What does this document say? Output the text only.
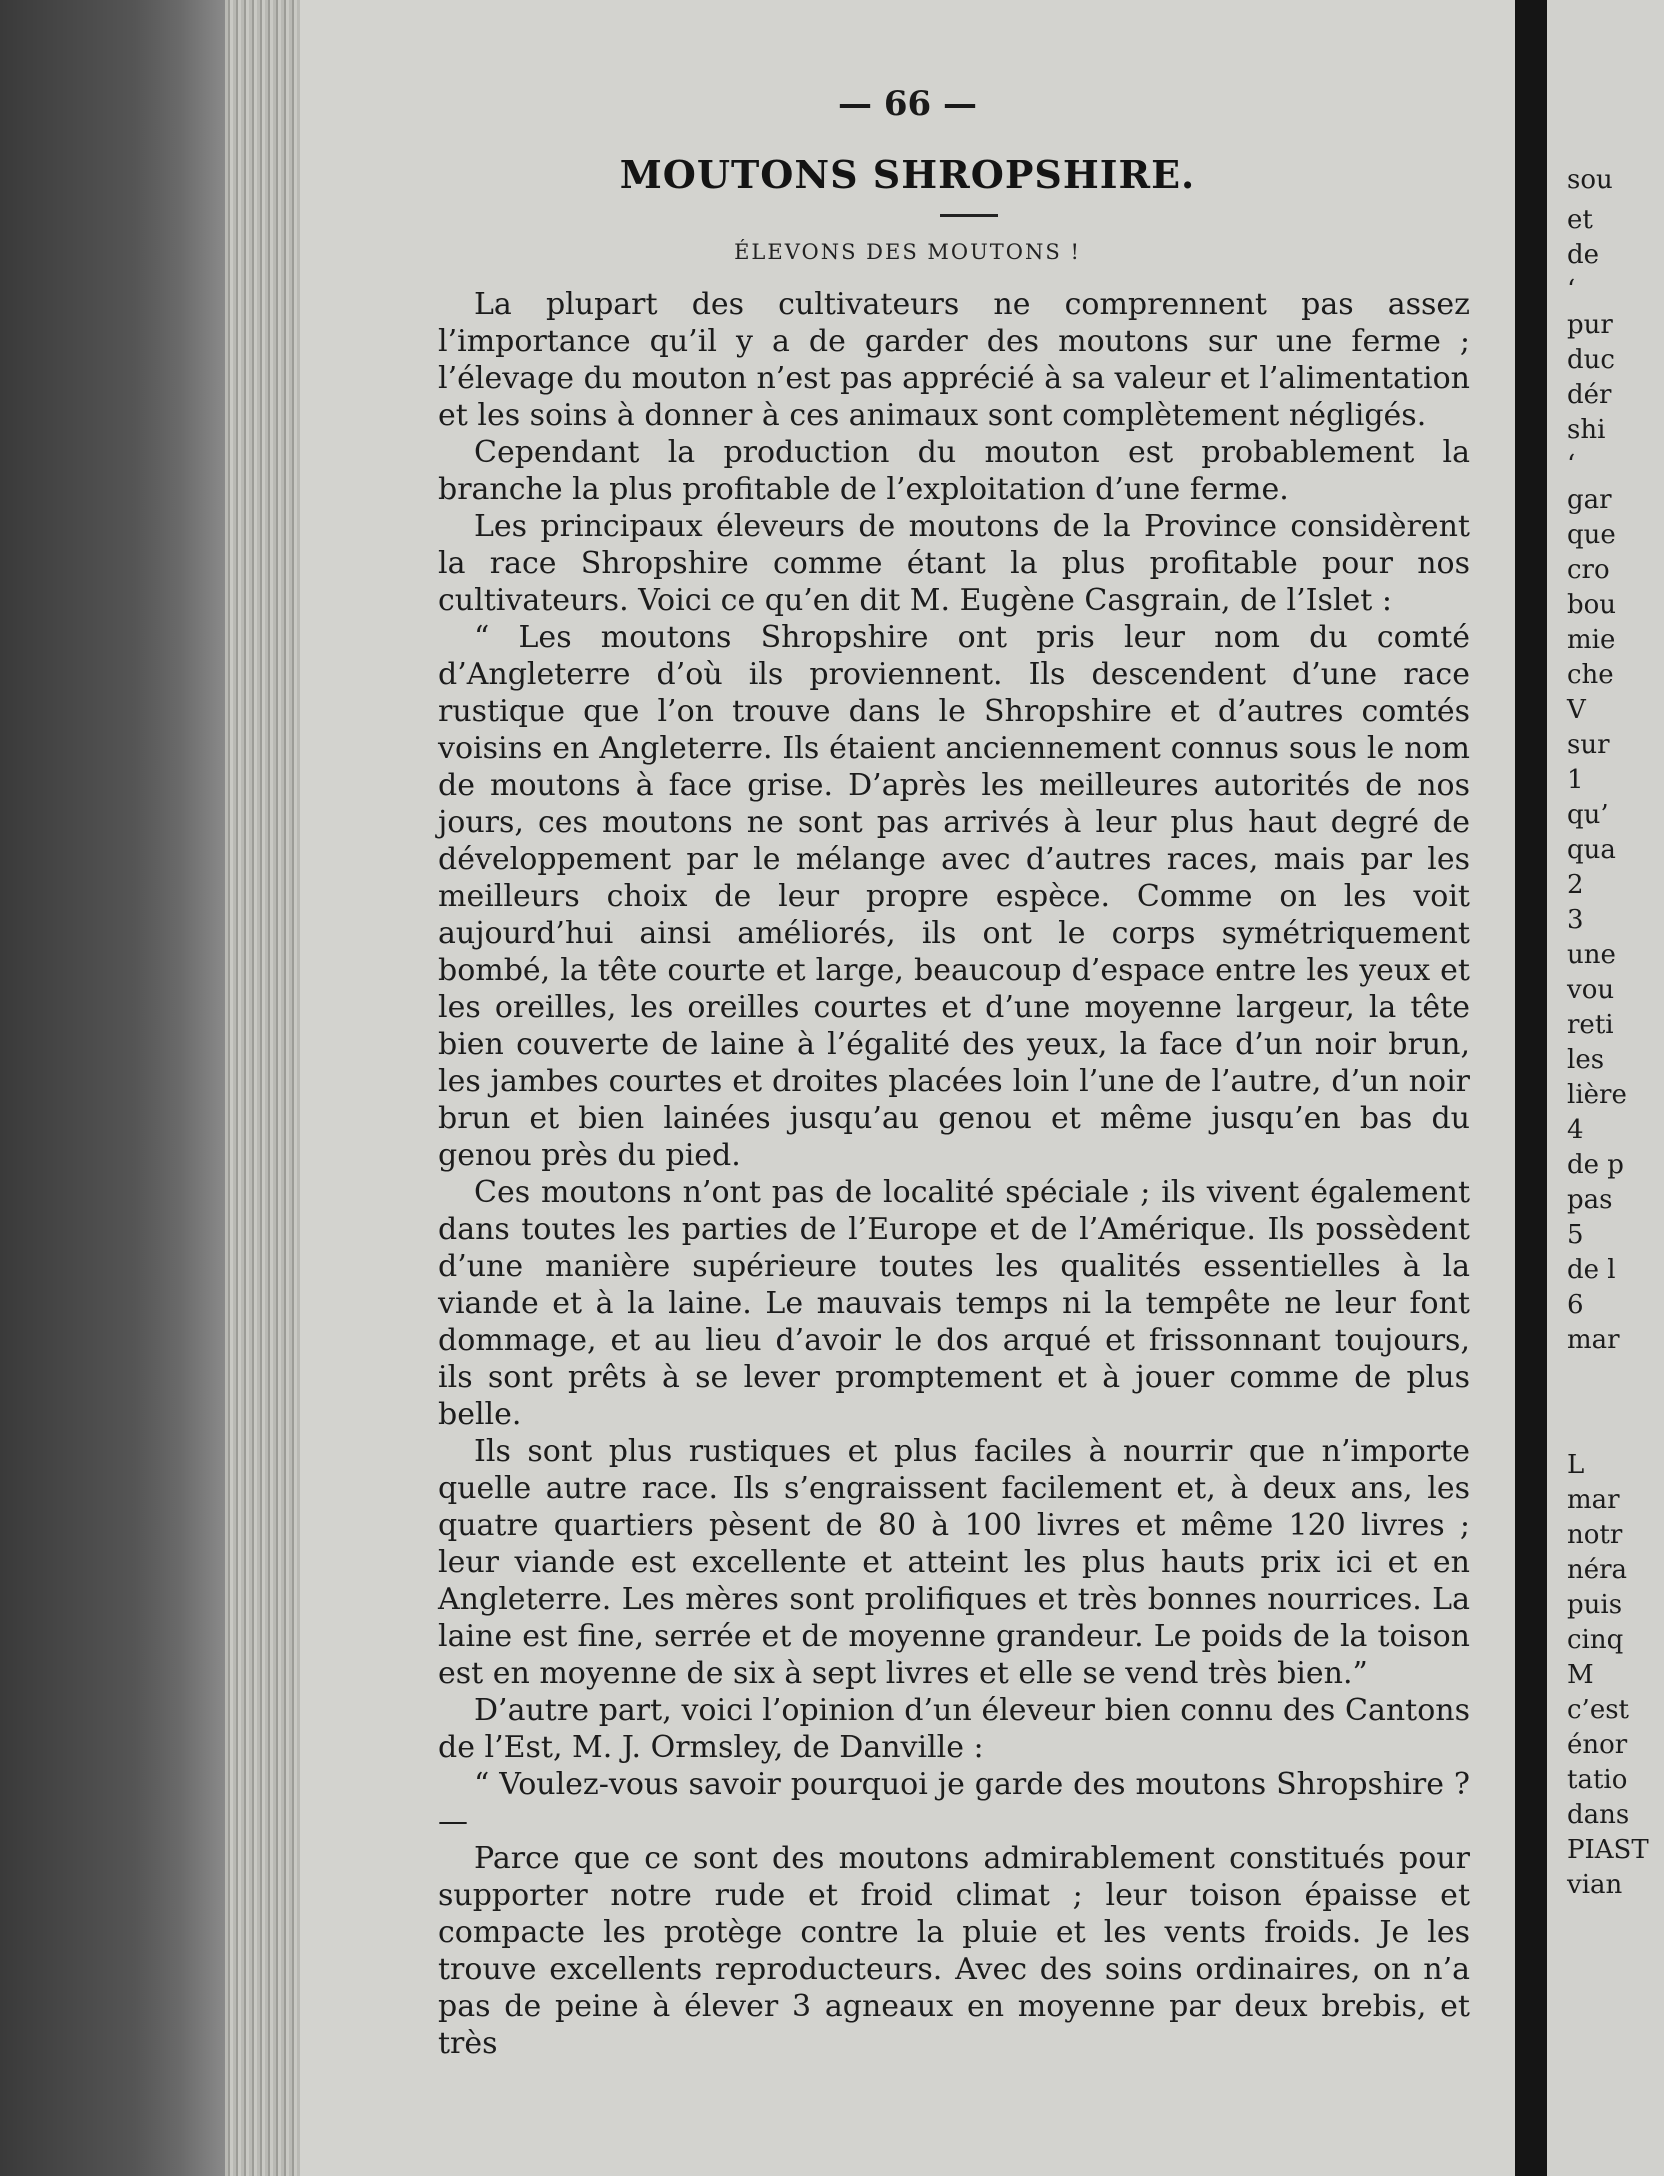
— 66 —
MOUTONS SHROPSHIRE.
ÉLEVONS DES MOUTONS !

La plupart des cultivateurs ne comprennent pas assez l’importance qu’il y a de garder des moutons sur une ferme ; l’élevage du mouton n’est pas apprécié à sa valeur et l’alimentation et les soins à donner à ces animaux sont complètement négligés.

Cependant la production du mouton est probablement la branche la plus profitable de l’exploitation d’une ferme.

Les principaux éleveurs de moutons de la Province considèrent la race Shropshire comme étant la plus profitable pour nos cultivateurs. Voici ce qu’en dit M. Eugène Casgrain, de l’Islet :

“ Les moutons Shropshire ont pris leur nom du comté d’Angleterre d’où ils proviennent. Ils descendent d’une race rustique que l’on trouve dans le Shropshire et d’autres comtés voisins en Angleterre. Ils étaient anciennement connus sous le nom de moutons à face grise. D’après les meilleures autorités de nos jours, ces moutons ne sont pas arrivés à leur plus haut degré de développement par le mélange avec d’autres races, mais par les meilleurs choix de leur propre espèce. Comme on les voit aujourd’hui ainsi améliorés, ils ont le corps symétriquement bombé, la tête courte et large, beaucoup d’espace entre les yeux et les oreilles, les oreilles courtes et d’une moyenne largeur, la tête bien couverte de laine à l’égalité des yeux, la face d’un noir brun, les jambes courtes et droites placées loin l’une de l’autre, d’un noir brun et bien lainées jusqu’au genou et même jusqu’en bas du genou près du pied.

Ces moutons n’ont pas de localité spéciale ; ils vivent également dans toutes les parties de l’Europe et de l’Amérique. Ils possèdent d’une manière supérieure toutes les qualités essentielles à la viande et à la laine. Le mauvais temps ni la tempête ne leur font dommage, et au lieu d’avoir le dos arqué et frissonnant toujours, ils sont prêts à se lever promptement et à jouer comme de plus belle.

Ils sont plus rustiques et plus faciles à nourrir que n’importe quelle autre race. Ils s’engraissent facilement et, à deux ans, les quatre quartiers pèsent de 80 à 100 livres et même 120 livres ; leur viande est excellente et atteint les plus hauts prix ici et en Angleterre. Les mères sont prolifiques et très bonnes nourrices. La laine est fine, serrée et de moyenne grandeur. Le poids de la toison est en moyenne de six à sept livres et elle se vend très bien.”

D’autre part, voici l’opinion d’un éleveur bien connu des Cantons de l’Est, M. J. Ormsley, de Danville :

“ Voulez-vous savoir pourquoi je garde des moutons Shropshire ?—

Parce que ce sont des moutons admirablement constitués pour supporter notre rude et froid climat ; leur toison épaisse et compacte les protège contre la pluie et les vents froids. Je les trouve excellents reproducteurs. Avec des soins ordinaires, on n’a pas de peine à élever 3 agneaux en moyenne par deux brebis, et très

sou
et
de
‘
pur
duc
dér
shi
‘
gar
que
cro
bou
mie
che
V
sur
1
qu’
qua
2
3
une
vou
reti
les
lière
4
de p
pas
5
de l
6
mar
L
mar
notr
néra
puis
cinq
M
c’est
énor
tatio
dans
PIAST
vian
